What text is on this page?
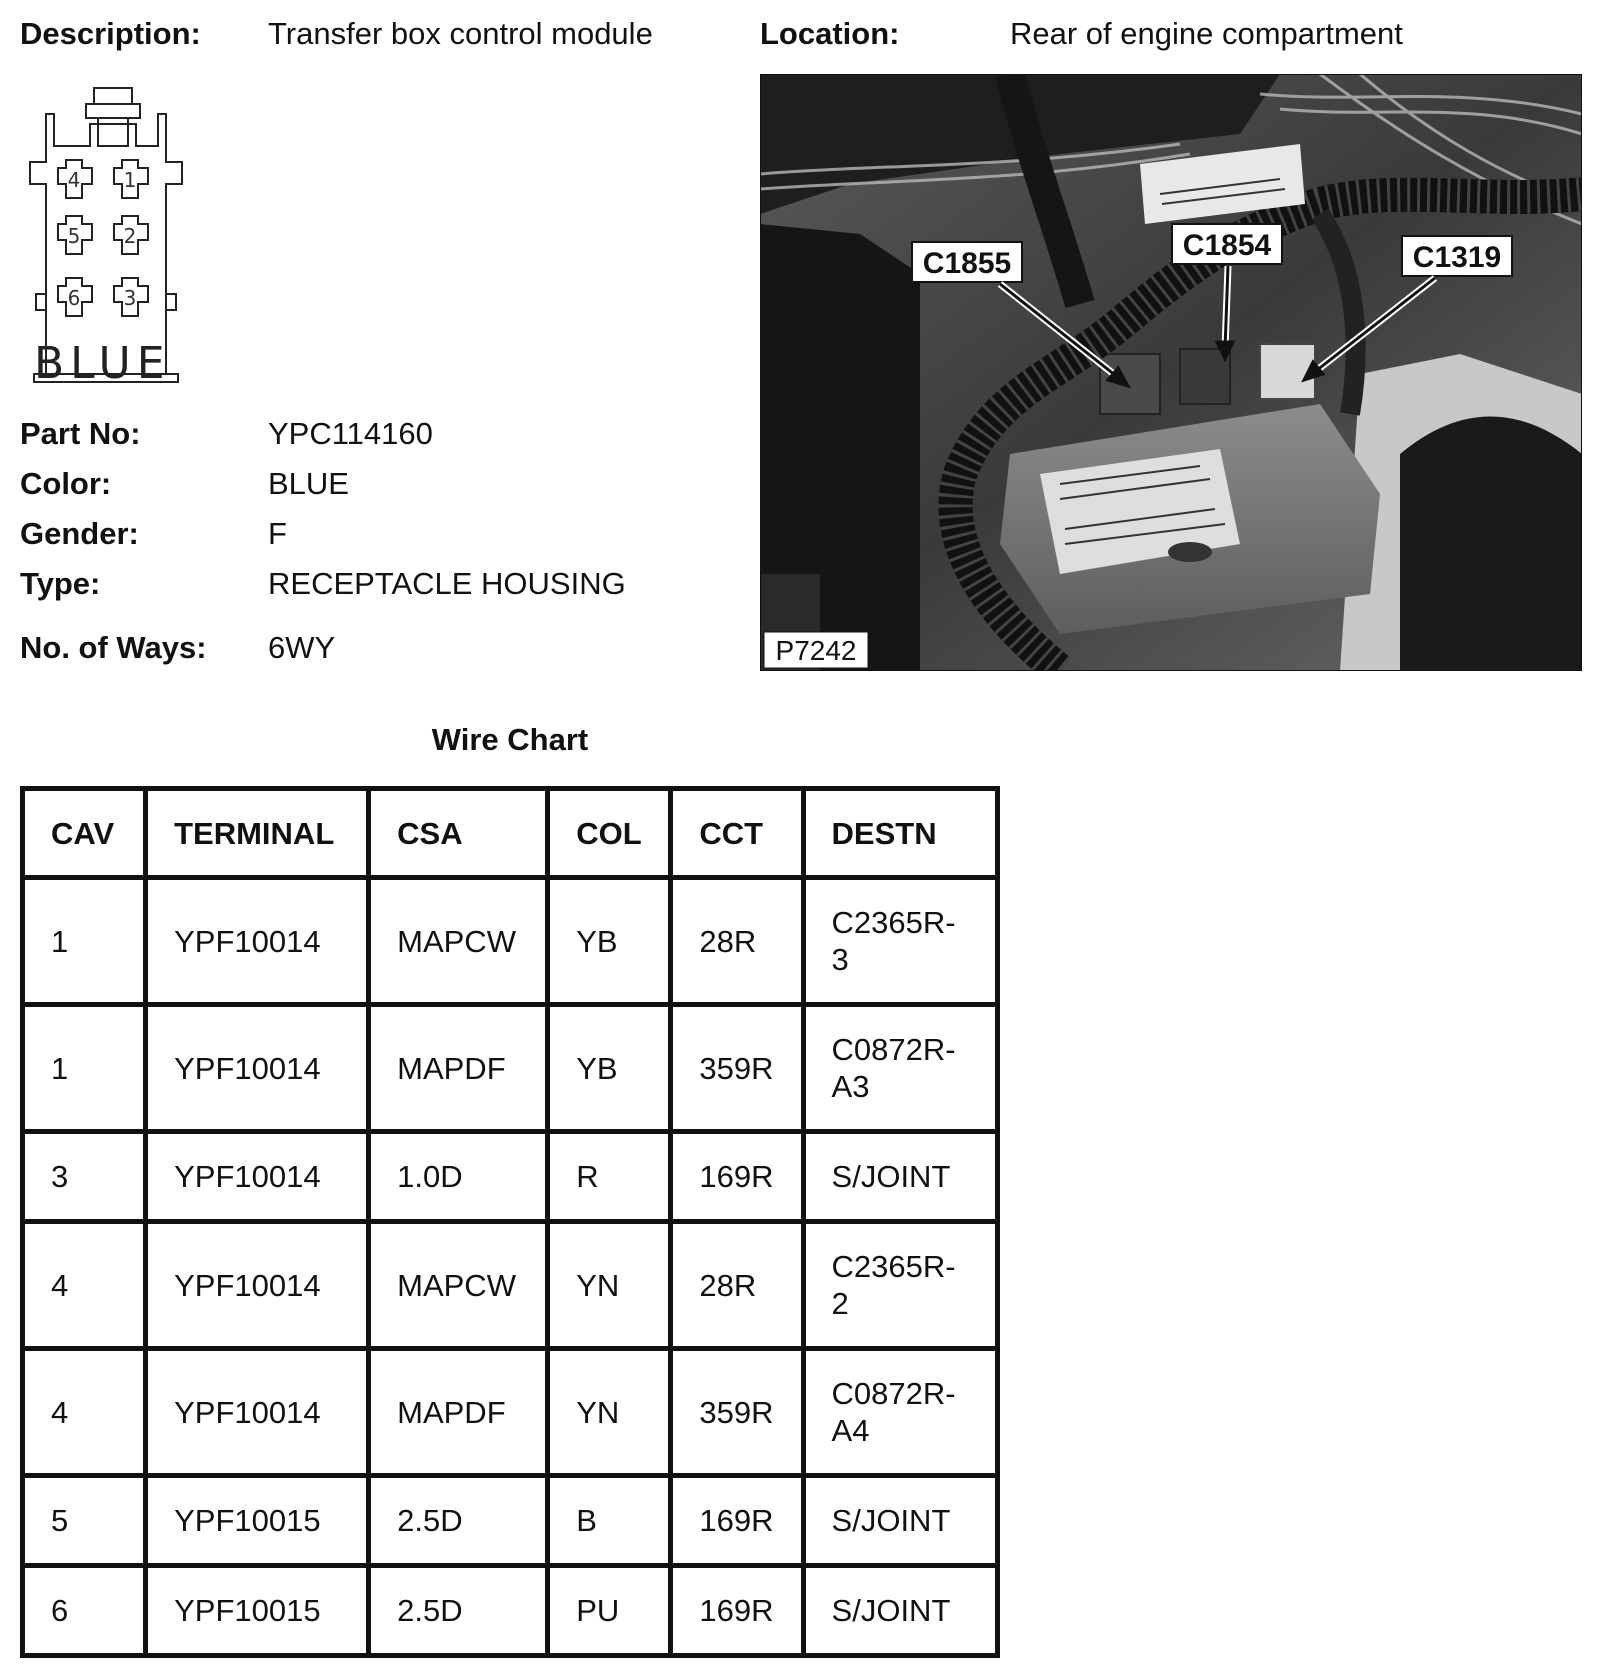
Description: Transfer box control module	Location:	Rear of engine compartment
4 1
5 2
6 3
BLUE
Part No:	YPC114160
Color:	BLUE
Gender:	F
Type:	RECEPTACLE HOUSING
No. of Ways: 6WY
C1855
C1854	C1319
P7242
Wire Chart
CAV	TERMINAL	CSA	COL	CCT	DESTN
1	YPF10014	MAPCW	YB	28R	C2365R-
3

1	YPF10014	MAPDF	YB	359R	C0872R-
A3

3	YPF10014	1.0D	R	169R	S/JOINT

4	YPF10014	MAPCW	YN	28R	C2365R-
2

4	YPF10014	MAPDF	YN	359R	C0872R-
A4

5	YPF10015	2.5D	B	169R	S/JOINT

6	YPF10015	2.5D	PU	169R	S/JOINT
